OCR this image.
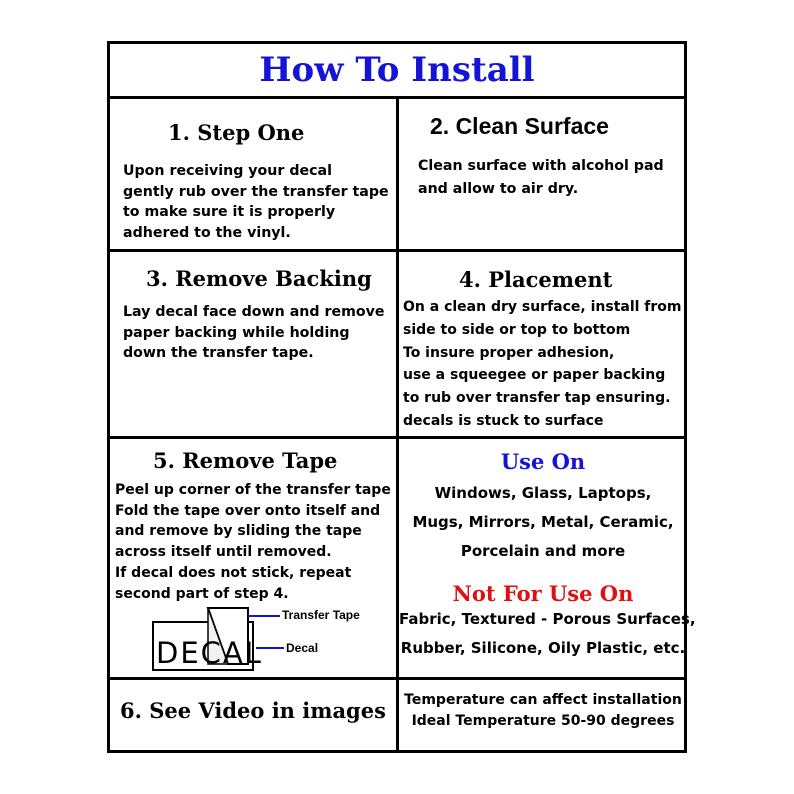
How To Install
1. Step One
Upon receiving your decal
gently rub over the transfer tape
to make sure it is properly
adhered to the vinyl.
2. Clean Surface
Clean surface with alcohol pad
and allow to air dry.
3. Remove Backing
Lay decal face down and remove
paper backing while holding
down the transfer tape.
4. Placement
On a clean dry surface, install from
side to side or top to bottom
To insure proper adhesion,
use a squeegee or paper backing
to rub over transfer tap ensuring.
decals is stuck to surface
5. Remove Tape
Peel up corner of the transfer tape
Fold the tape over onto itself and
and remove by sliding the tape
across itself until removed.
If decal does not stick, repeat
second part of step 4.
DECAL
Transfer Tape
Decal
Use On
Windows, Glass, Laptops,
Mugs, Mirrors, Metal, Ceramic,
Porcelain and more
Not For Use On
Fabric, Textured - Porous Surfaces,
Rubber, Silicone, Oily Plastic, etc.
6. See Video in images	Temperature can affect installation
Ideal Temperature 50-90 degrees
